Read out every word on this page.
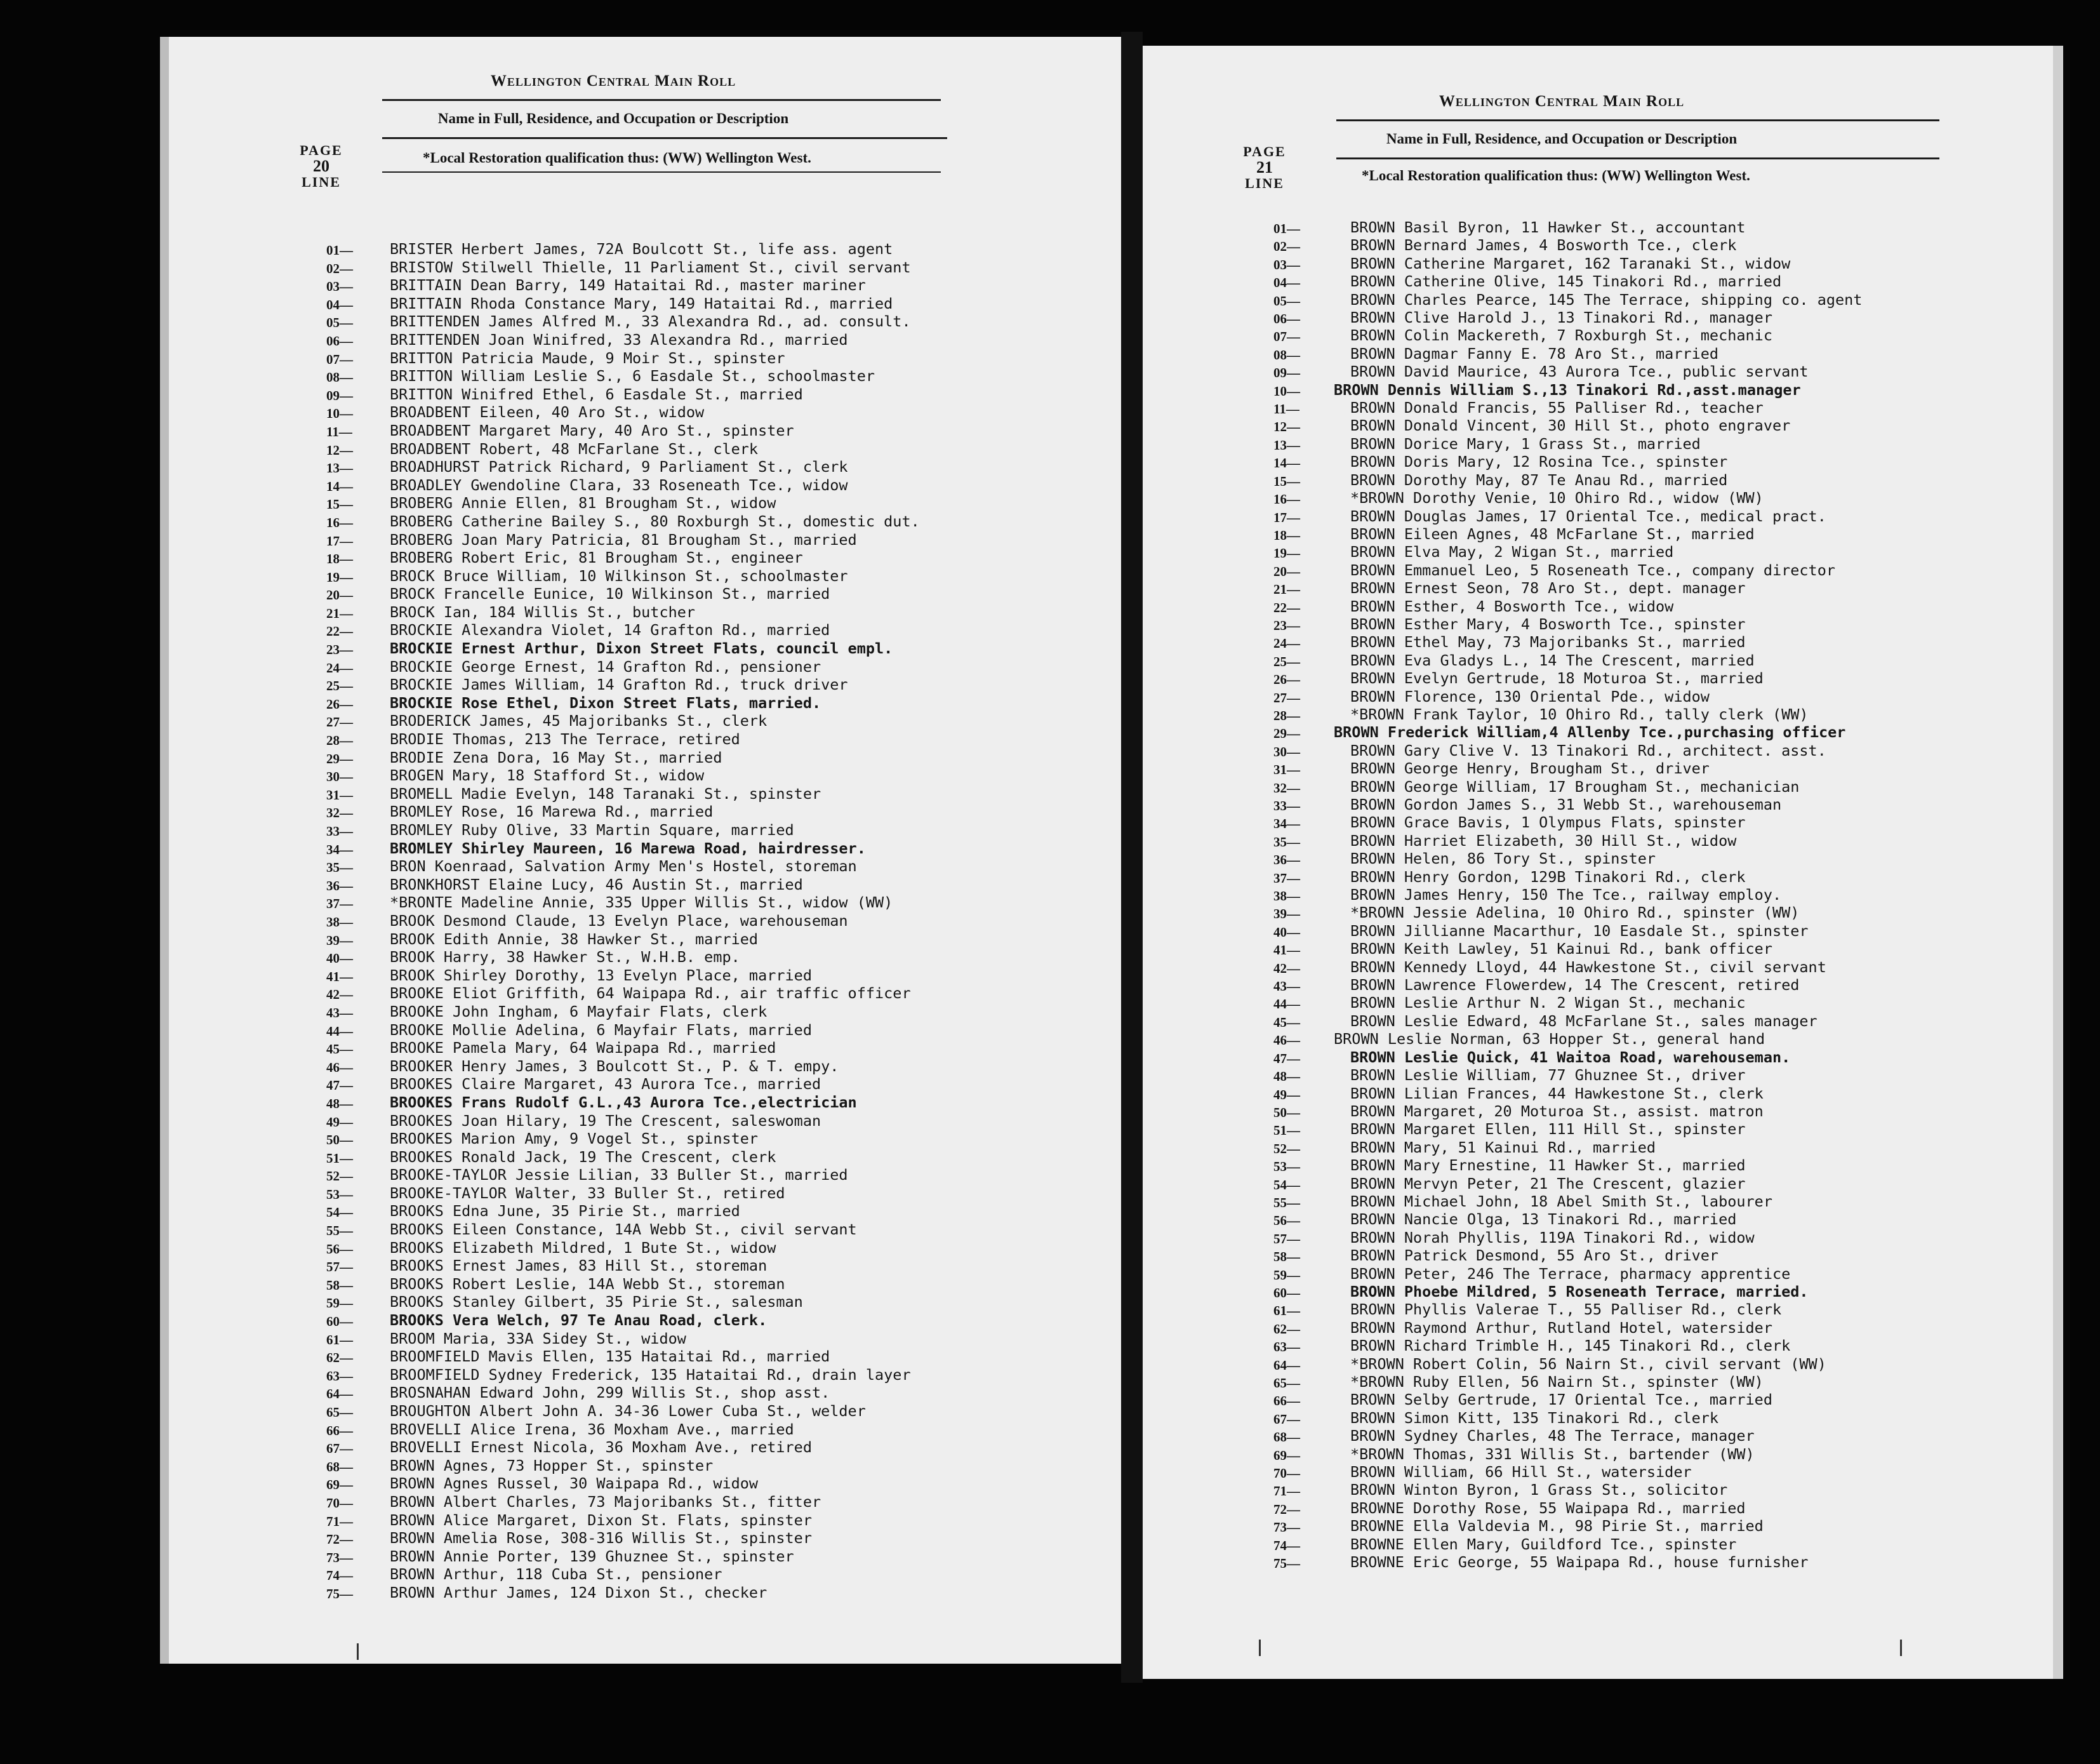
Wellington Central Main Roll
Name in Full, Residence, and Occupation or Description
*Local Restoration qualification thus: (WW) Wellington West.
PAGE
20
LINE
01—
02—
03—
04—
05—
06—
07—
08—
09—
10—
11—
12—
13—
14—
15—
16—
17—
18—
19—
20—
21—
22—
23—
24—
25—
26—
27—
28—
29—
30—
31—
32—
33—
34—
35—
36—
37—
38—
39—
40—
41—
42—
43—
44—
45—
46—
47—
48—
49—
50—
51—
52—
53—
54—
55—
56—
57—
58—
59—
60—
61—
62—
63—
64—
65—
66—
67—
68—
69—
70—
71—
72—
73—
74—
75—
BRISTER Herbert James, 72A Boulcott St., life ass. agent
BRISTOW Stilwell Thielle, 11 Parliament St., civil servant
BRITTAIN Dean Barry, 149 Hataitai Rd., master mariner
BRITTAIN Rhoda Constance Mary, 149 Hataitai Rd., married
BRITTENDEN James Alfred M., 33 Alexandra Rd., ad. consult.
BRITTENDEN Joan Winifred, 33 Alexandra Rd., married
BRITTON Patricia Maude, 9 Moir St., spinster
BRITTON William Leslie S., 6 Easdale St., schoolmaster
BRITTON Winifred Ethel, 6 Easdale St., married
BROADBENT Eileen, 40 Aro St., widow
BROADBENT Margaret Mary, 40 Aro St., spinster
BROADBENT Robert, 48 McFarlane St., clerk
BROADHURST Patrick Richard, 9 Parliament St., clerk
BROADLEY Gwendoline Clara, 33 Roseneath Tce., widow
BROBERG Annie Ellen, 81 Brougham St., widow
BROBERG Catherine Bailey S., 80 Roxburgh St., domestic dut.
BROBERG Joan Mary Patricia, 81 Brougham St., married
BROBERG Robert Eric, 81 Brougham St., engineer
BROCK Bruce William, 10 Wilkinson St., schoolmaster
BROCK Francelle Eunice, 10 Wilkinson St., married
BROCK Ian, 184 Willis St., butcher
BROCKIE Alexandra Violet, 14 Grafton Rd., married
BROCKIE Ernest Arthur, Dixon Street Flats, council empl.
BROCKIE George Ernest, 14 Grafton Rd., pensioner
BROCKIE James William, 14 Grafton Rd., truck driver
BROCKIE Rose Ethel, Dixon Street Flats, married.
BRODERICK James, 45 Majoribanks St., clerk
BRODIE Thomas, 213 The Terrace, retired
BRODIE Zena Dora, 16 May St., married
BROGEN Mary, 18 Stafford St., widow
BROMELL Madie Evelyn, 148 Taranaki St., spinster
BROMLEY Rose, 16 Marewa Rd., married
BROMLEY Ruby Olive, 33 Martin Square, married
BROMLEY Shirley Maureen, 16 Marewa Road, hairdresser.
BRON Koenraad, Salvation Army Men's Hostel, storeman
BRONKHORST Elaine Lucy, 46 Austin St., married
*BRONTE Madeline Annie, 335 Upper Willis St., widow (WW)
BROOK Desmond Claude, 13 Evelyn Place, warehouseman
BROOK Edith Annie, 38 Hawker St., married
BROOK Harry, 38 Hawker St., W.H.B. emp.
BROOK Shirley Dorothy, 13 Evelyn Place, married
BROOKE Eliot Griffith, 64 Waipapa Rd., air traffic officer
BROOKE John Ingham, 6 Mayfair Flats, clerk
BROOKE Mollie Adelina, 6 Mayfair Flats, married
BROOKE Pamela Mary, 64 Waipapa Rd., married
BROOKER Henry James, 3 Boulcott St., P. & T. empy.
BROOKES Claire Margaret, 43 Aurora Tce., married
BROOKES Frans Rudolf G.L.,43 Aurora Tce.,electrician
BROOKES Joan Hilary, 19 The Crescent, saleswoman
BROOKES Marion Amy, 9 Vogel St., spinster
BROOKES Ronald Jack, 19 The Crescent, clerk
BROOKE-TAYLOR Jessie Lilian, 33 Buller St., married
BROOKE-TAYLOR Walter, 33 Buller St., retired
BROOKS Edna June, 35 Pirie St., married
BROOKS Eileen Constance, 14A Webb St., civil servant
BROOKS Elizabeth Mildred, 1 Bute St., widow
BROOKS Ernest James, 83 Hill St., storeman
BROOKS Robert Leslie, 14A Webb St., storeman
BROOKS Stanley Gilbert, 35 Pirie St., salesman
BROOKS Vera Welch, 97 Te Anau Road, clerk.
BROOM Maria, 33A Sidey St., widow
BROOMFIELD Mavis Ellen, 135 Hataitai Rd., married
BROOMFIELD Sydney Frederick, 135 Hataitai Rd., drain layer
BROSNAHAN Edward John, 299 Willis St., shop asst.
BROUGHTON Albert John A. 34-36 Lower Cuba St., welder
BROVELLI Alice Irena, 36 Moxham Ave., married
BROVELLI Ernest Nicola, 36 Moxham Ave., retired
BROWN Agnes, 73 Hopper St., spinster
BROWN Agnes Russel, 30 Waipapa Rd., widow
BROWN Albert Charles, 73 Majoribanks St., fitter
BROWN Alice Margaret, Dixon St. Flats, spinster
BROWN Amelia Rose, 308-316 Willis St., spinster
BROWN Annie Porter, 139 Ghuznee St., spinster
BROWN Arthur, 118 Cuba St., pensioner
BROWN Arthur James, 124 Dixon St., checker
Wellington Central Main Roll
Name in Full, Residence, and Occupation or Description
*Local Restoration qualification thus: (WW) Wellington West.
PAGE
21
LINE
01—
02—
03—
04—
05—
06—
07—
08—
09—
10—
11—
12—
13—
14—
15—
16—
17—
18—
19—
20—
21—
22—
23—
24—
25—
26—
27—
28—
29—
30—
31—
32—
33—
34—
35—
36—
37—
38—
39—
40—
41—
42—
43—
44—
45—
46—
47—
48—
49—
50—
51—
52—
53—
54—
55—
56—
57—
58—
59—
60—
61—
62—
63—
64—
65—
66—
67—
68—
69—
70—
71—
72—
73—
74—
75—
BROWN Basil Byron, 11 Hawker St., accountant
BROWN Bernard James, 4 Bosworth Tce., clerk
BROWN Catherine Margaret, 162 Taranaki St., widow
BROWN Catherine Olive, 145 Tinakori Rd., married
BROWN Charles Pearce, 145 The Terrace, shipping co. agent
BROWN Clive Harold J., 13 Tinakori Rd., manager
BROWN Colin Mackereth, 7 Roxburgh St., mechanic
BROWN Dagmar Fanny E. 78 Aro St., married
BROWN David Maurice, 43 Aurora Tce., public servant
BROWN Dennis William S.,13 Tinakori Rd.,asst.manager
BROWN Donald Francis, 55 Palliser Rd., teacher
BROWN Donald Vincent, 30 Hill St., photo engraver
BROWN Dorice Mary, 1 Grass St., married
BROWN Doris Mary, 12 Rosina Tce., spinster
BROWN Dorothy May, 87 Te Anau Rd., married
*BROWN Dorothy Venie, 10 Ohiro Rd., widow (WW)
BROWN Douglas James, 17 Oriental Tce., medical pract.
BROWN Eileen Agnes, 48 McFarlane St., married
BROWN Elva May, 2 Wigan St., married
BROWN Emmanuel Leo, 5 Roseneath Tce., company director
BROWN Ernest Seon, 78 Aro St., dept. manager
BROWN Esther, 4 Bosworth Tce., widow
BROWN Esther Mary, 4 Bosworth Tce., spinster
BROWN Ethel May, 73 Majoribanks St., married
BROWN Eva Gladys L., 14 The Crescent, married
BROWN Evelyn Gertrude, 18 Moturoa St., married
BROWN Florence, 130 Oriental Pde., widow
*BROWN Frank Taylor, 10 Ohiro Rd., tally clerk (WW)
BROWN Frederick William,4 Allenby Tce.,purchasing officer
BROWN Gary Clive V. 13 Tinakori Rd., architect. asst.
BROWN George Henry, Brougham St., driver
BROWN George William, 17 Brougham St., mechanician
BROWN Gordon James S., 31 Webb St., warehouseman
BROWN Grace Bavis, 1 Olympus Flats, spinster
BROWN Harriet Elizabeth, 30 Hill St., widow
BROWN Helen, 86 Tory St., spinster
BROWN Henry Gordon, 129B Tinakori Rd., clerk
BROWN James Henry, 150 The Tce., railway employ.
*BROWN Jessie Adelina, 10 Ohiro Rd., spinster (WW)
BROWN Jillianne Macarthur, 10 Easdale St., spinster
BROWN Keith Lawley, 51 Kainui Rd., bank officer
BROWN Kennedy Lloyd, 44 Hawkestone St., civil servant
BROWN Lawrence Flowerdew, 14 The Crescent, retired
BROWN Leslie Arthur N. 2 Wigan St., mechanic
BROWN Leslie Edward, 48 McFarlane St., sales manager
BROWN Leslie Norman, 63 Hopper St., general hand
BROWN Leslie Quick, 41 Waitoa Road, warehouseman.
BROWN Leslie William, 77 Ghuznee St., driver
BROWN Lilian Frances, 44 Hawkestone St., clerk
BROWN Margaret, 20 Moturoa St., assist. matron
BROWN Margaret Ellen, 111 Hill St., spinster
BROWN Mary, 51 Kainui Rd., married
BROWN Mary Ernestine, 11 Hawker St., married
BROWN Mervyn Peter, 21 The Crescent, glazier
BROWN Michael John, 18 Abel Smith St., labourer
BROWN Nancie Olga, 13 Tinakori Rd., married
BROWN Norah Phyllis, 119A Tinakori Rd., widow
BROWN Patrick Desmond, 55 Aro St., driver
BROWN Peter, 246 The Terrace, pharmacy apprentice
BROWN Phoebe Mildred, 5 Roseneath Terrace, married.
BROWN Phyllis Valerae T., 55 Palliser Rd., clerk
BROWN Raymond Arthur, Rutland Hotel, watersider
BROWN Richard Trimble H., 145 Tinakori Rd., clerk
*BROWN Robert Colin, 56 Nairn St., civil servant (WW)
*BROWN Ruby Ellen, 56 Nairn St., spinster (WW)
BROWN Selby Gertrude, 17 Oriental Tce., married
BROWN Simon Kitt, 135 Tinakori Rd., clerk
BROWN Sydney Charles, 48 The Terrace, manager
*BROWN Thomas, 331 Willis St., bartender (WW)
BROWN William, 66 Hill St., watersider
BROWN Winton Byron, 1 Grass St., solicitor
BROWNE Dorothy Rose, 55 Waipapa Rd., married
BROWNE Ella Valdevia M., 98 Pirie St., married
BROWNE Ellen Mary, Guildford Tce., spinster
BROWNE Eric George, 55 Waipapa Rd., house furnisher
